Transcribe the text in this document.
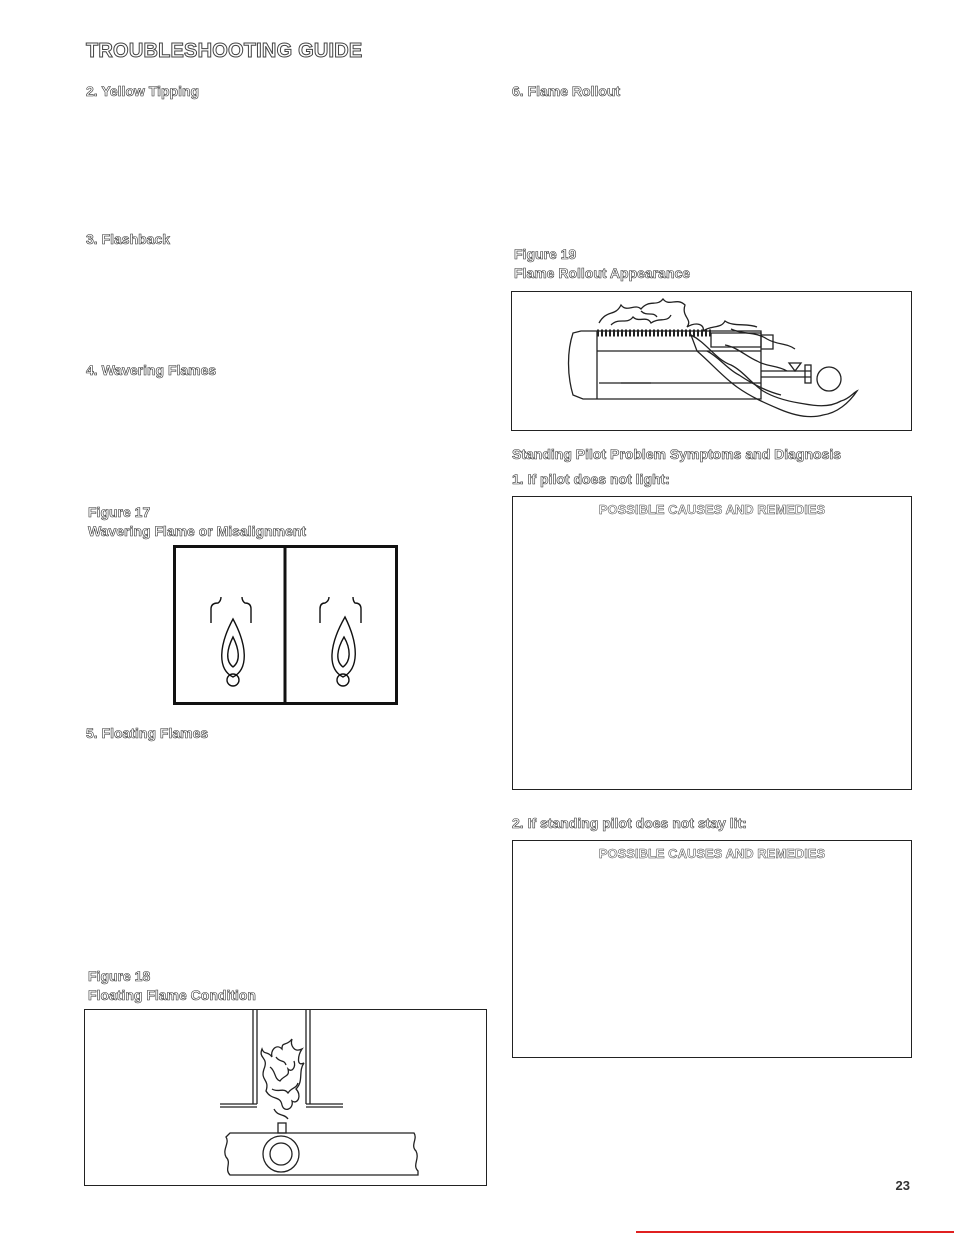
TROUBLESHOOTING GUIDE
2. Yellow Tipping
3. Flashback
4. Wavering Flames
Figure 17
Wavering Flame or Misalignment
5. Floating Flames
Figure 18
Floating Flame Condition
6. Flame Rollout
Figure 19
Flame Rollout Appearance
Standing Pilot Problem Symptoms and Diagnosis
1. If pilot does not light:
POSSIBLE CAUSES AND REMEDIES
2. If standing pilot does not stay lit:
POSSIBLE CAUSES AND REMEDIES
23
